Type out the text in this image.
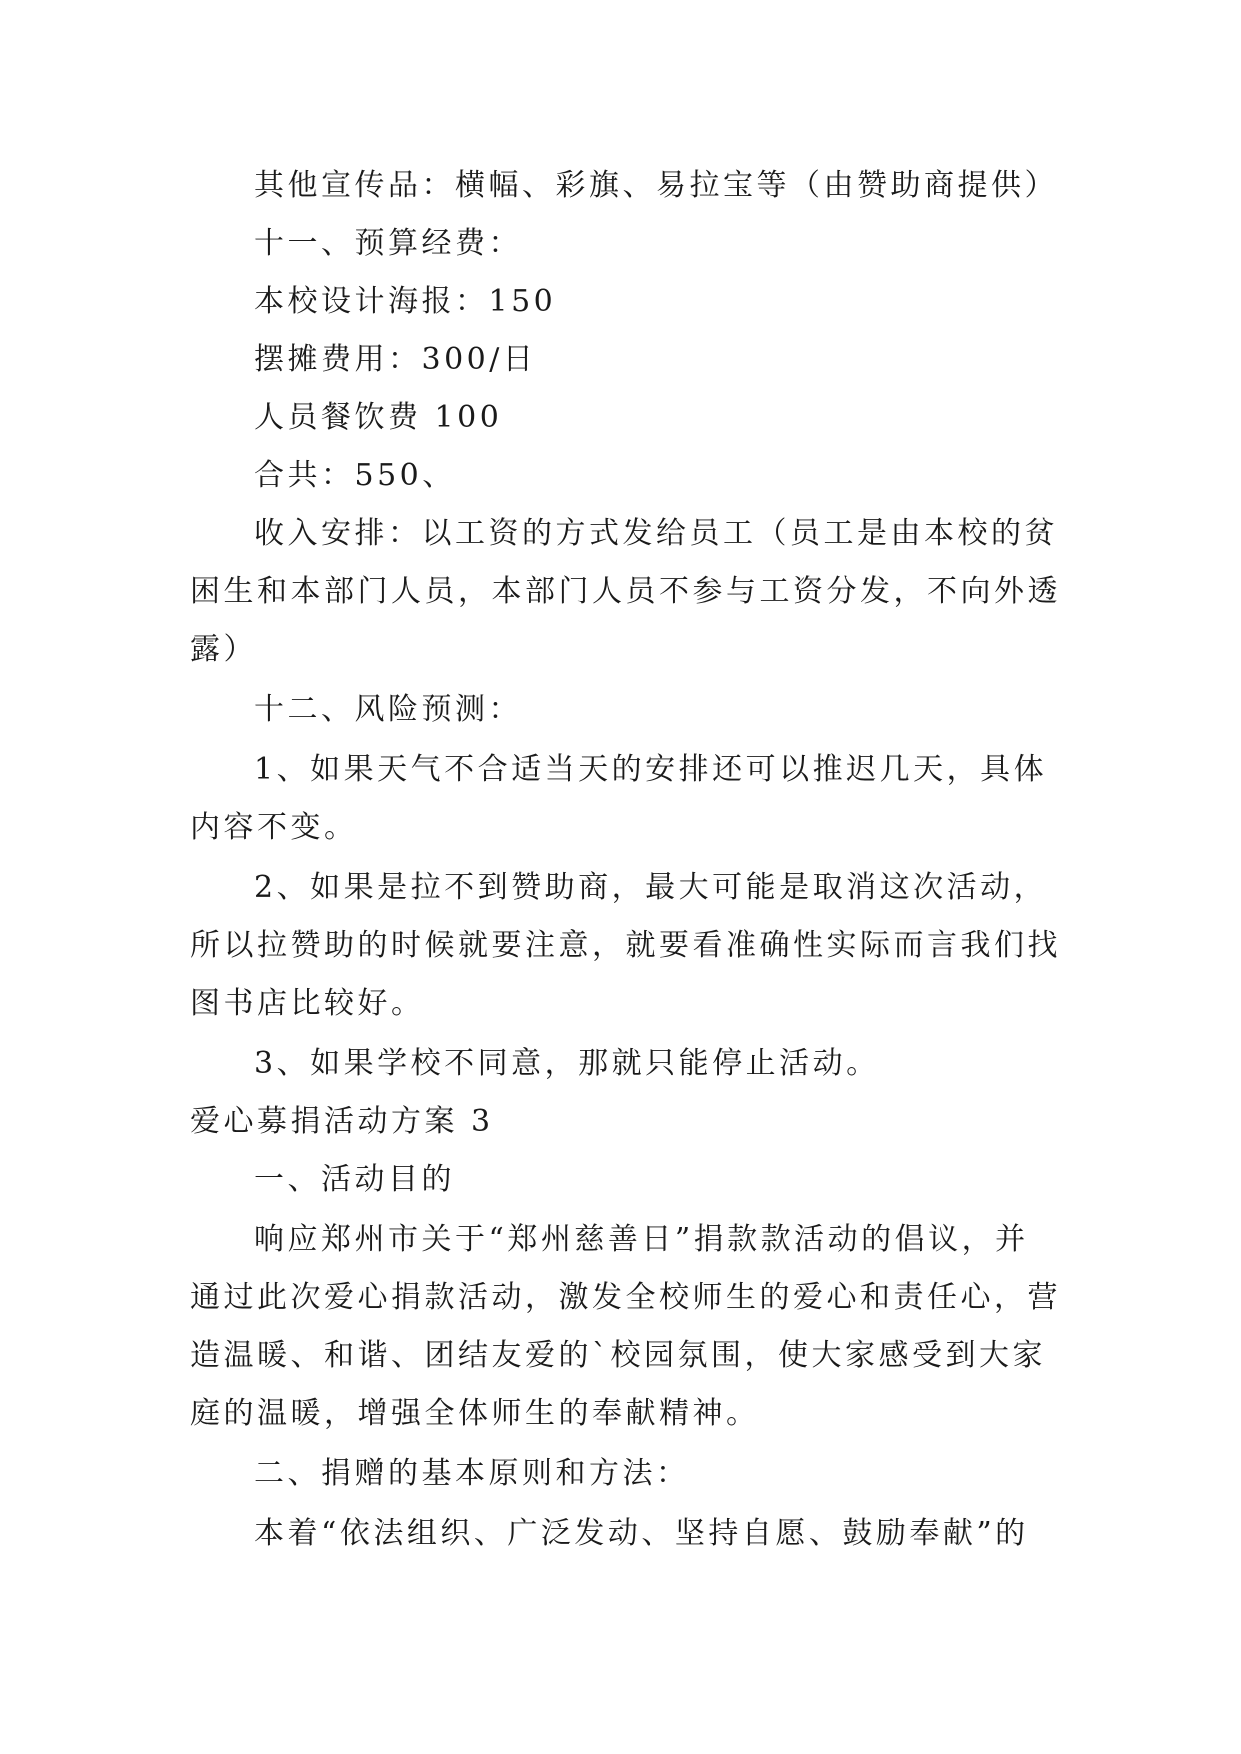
其他宣传品：横幅、彩旗、易拉宝等（由赞助商提供）
十一、预算经费：
本校设计海报：150
摆摊费用：300/日
人员餐饮费 100
合共：550、
收入安排：以工资的方式发给员工（员工是由本校的贫
困生和本部门人员，本部门人员不参与工资分发，不向外透
露）
十二、风险预测：
1、如果天气不合适当天的安排还可以推迟几天，具体
内容不变。
2、如果是拉不到赞助商，最大可能是取消这次活动，
所以拉赞助的时候就要注意，就要看准确性实际而言我们找
图书店比较好。
3、如果学校不同意，那就只能停止活动。
爱心募捐活动方案 3
一、活动目的
响应郑州市关于“郑州慈善日”捐款款活动的倡议，并
通过此次爱心捐款活动，激发全校师生的爱心和责任心，营
造温暖、和谐、团结友爱的`校园氛围，使大家感受到大家
庭的温暖，增强全体师生的奉献精神。
二、捐赠的基本原则和方法：
本着“依法组织、广泛发动、坚持自愿、鼓励奉献”的
